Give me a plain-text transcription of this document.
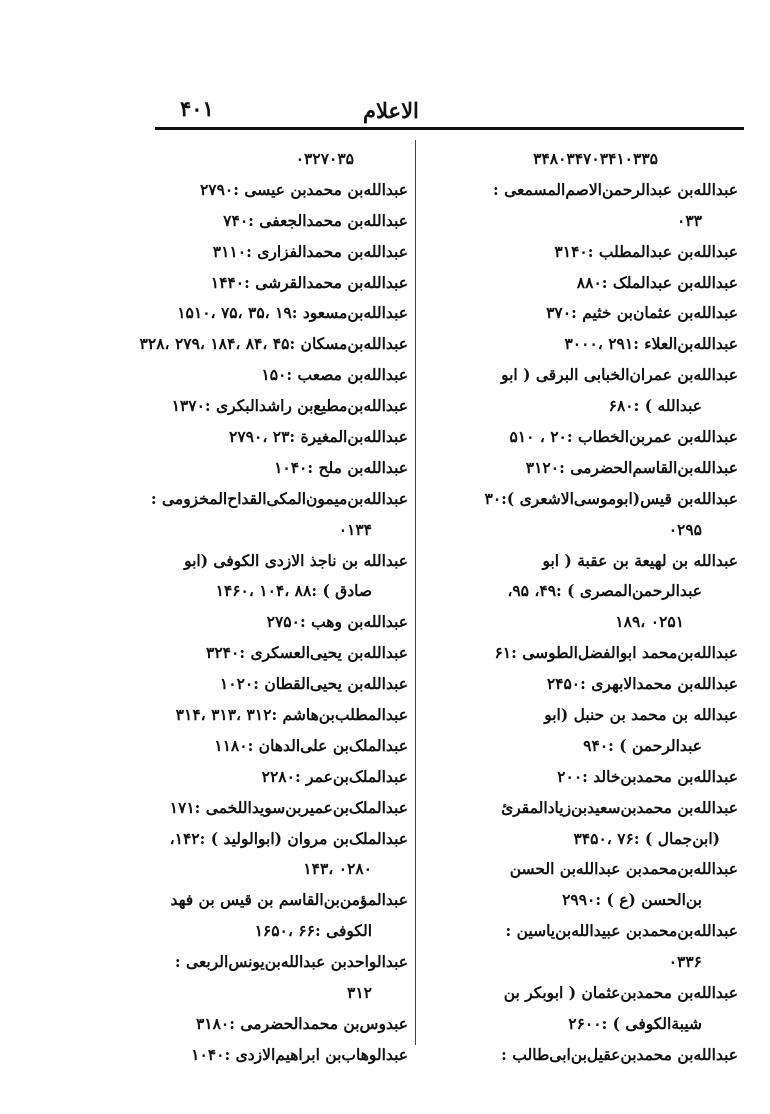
۴۰۱	الاعلام
۳۴۸۰۳۴۷۰۳۴۱۰۳۳۵
عبداللەبن عبدالرحمن‌الاصم‌المسمعی :
۰۳۳
عبداللەبن عبدالمطلب :۳۱۴۰
عبداللەبن عبدالملک :۸۸۰
عبداللەبن عثمان‌بن خثیم :۳۷۰
عبداللەبن‌العلاء :۲۹۱ ،۳۰۰۰
عبداللەبن عمران‌الخبابی البرقی ( ابو
عبدالله ) :۶۸۰
عبداللەبن عمربن‌الخطاب :۲۰ ، ۵۱۰
عبداللەبن‌القاسم‌الحضرمی :۳۱۲۰
عبداللەبن قیس(ابوموسی‌الاشعری ):۳۰
۰۲۹۵
عبدالله بن لهیعة بن عقبة ( ابو
عبدالرحمن‌المصری ) :۴۹، ۹۵،
۰۲۵۱ ،۱۸۹
عبداللەبن‌محمد ابوالفضل‌الطوسی :۶۱
عبداللەبن محمدالابهری :۲۴۵۰
عبدالله بن محمد بن حنبل (ابو
عبدالرحمن ) :۹۴۰
عبداللەبن محمدبن‌خالد :۲۰۰
عبداللەبن محمدبن‌سعیدبن‌زیادالمقریٔ
(ابن‌جمال ) :۷۶ ،۳۴۵۰
عبداللەبن‌محمدبن عبداللەبن الحسن
بن‌الحسن (ع ) :۲۹۹۰
عبداللەبن‌محمدبن عبیداللەبن‌یاسین :
۰۳۳۶
عبداللەبن محمدبن‌عثمان ( ابوبکر بن
شیبةالکوفی ) :۲۶۰۰
عبداللەبن محمدبن‌عقیل‌بن‌ابی‌طالب :
۰۳۲۷۰۳۵
عبداللەبن محمدبن عیسی :۲۷۹۰
عبداللەبن محمدالجعفی :۷۴۰
عبداللەبن محمدالفزاری :۳۱۱۰
عبداللەبن محمدالقرشی :۱۴۴۰
عبداللەبن‌مسعود :۱۹ ،۳۵ ،۷۵ ،۱۵۱۰
عبداللەبن‌مسکان :۴۵ ،۸۴ ،۱۸۴ ،۲۷۹ ،۳۲۸
عبداللەبن مصعب :۱۵۰
عبداللەبن‌مطیع‌بن راشدالبکری :۱۳۷۰
عبداللەبن‌المغیرة :۲۳ ،۲۷۹۰
عبداللەبن ملح :۱۰۴۰
عبداللەبن‌میمون‌المکی‌القداح‌المخزومی :
۰۱۳۴
عبدالله بن ناجذ الازدی الکوفی (ابو
صادق ) :۸۸ ،۱۰۴ ،۱۴۶۰
عبداللەبن وهب :۲۷۵۰
عبداللەبن یحیی‌العسکری :۳۲۴۰
عبداللەبن یحیی‌القطان :۱۰۲۰
عبدالمطلب‌بن‌هاشم :۳۱۲ ،۳۱۳ ،۳۱۴
عبدالملک‌بن علی‌الدهان :۱۱۸۰
عبدالملک‌بن‌عمر :۲۲۸۰
عبدالملک‌بن‌عمیربن‌سویداللخمی :۱۷۱
عبدالملک‌بن مروان (ابوالولید ) :۱۴۲،
۰۲۸۰ ،۱۴۳
عبدالمؤمن‌بن‌القاسم بن قیس بن فهد
الکوفی :۶۶ ،۱۶۵۰
عبدالواحدبن عبداللەبن‌یونس‌الربعی :
۳۱۲
عبدوس‌بن محمدالحضرمی :۳۱۸۰
عبدالوهاب‌بن ابراهیم‌الازدی :۱۰۴۰
